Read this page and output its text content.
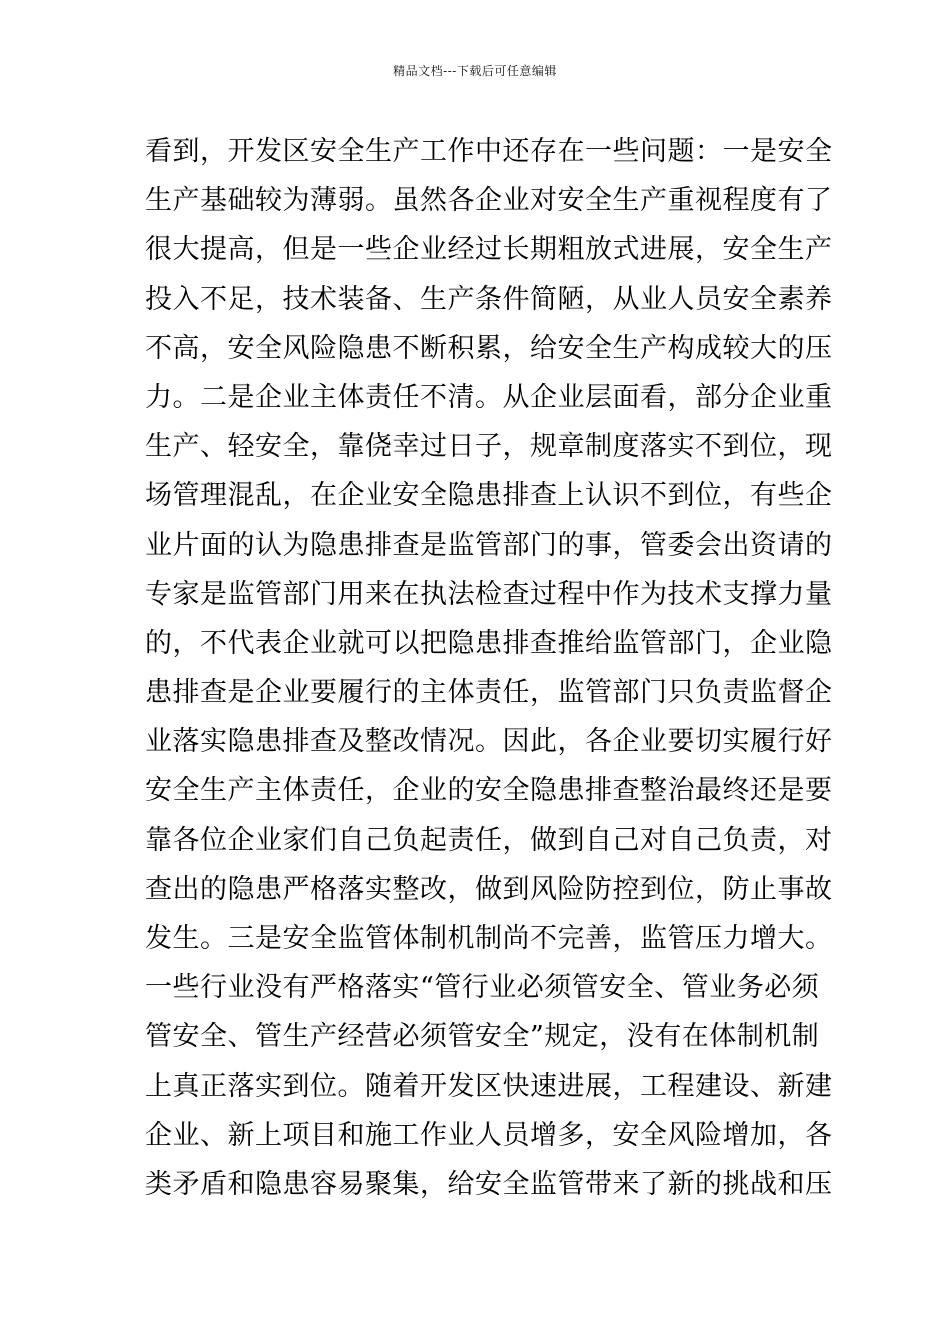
精品文档---下载后可任意编辑
看到，开发区安全生产工作中还存在一些问题：一是安全
生产基础较为薄弱。虽然各企业对安全生产重视程度有了
很大提高，但是一些企业经过长期粗放式进展，安全生产
投入不足，技术装备、生产条件简陋，从业人员安全素养
不高，安全风险隐患不断积累，给安全生产构成较大的压
力。二是企业主体责任不清。从企业层面看，部分企业重
生产、轻安全，靠侥幸过日子，规章制度落实不到位，现
场管理混乱，在企业安全隐患排查上认识不到位，有些企
业片面的认为隐患排查是监管部门的事，管委会出资请的
专家是监管部门用来在执法检查过程中作为技术支撑力量
的，不代表企业就可以把隐患排查推给监管部门，企业隐
患排查是企业要履行的主体责任，监管部门只负责监督企
业落实隐患排查及整改情况。因此，各企业要切实履行好
安全生产主体责任，企业的安全隐患排查整治最终还是要
靠各位企业家们自己负起责任，做到自己对自己负责，对
查出的隐患严格落实整改，做到风险防控到位，防止事故
发生。三是安全监管体制机制尚不完善，监管压力增大。
一些行业没有严格落实“管行业必须管安全、管业务必须
管安全、管生产经营必须管安全”规定，没有在体制机制
上真正落实到位。随着开发区快速进展，工程建设、新建
企业、新上项目和施工作业人员增多，安全风险增加，各
类矛盾和隐患容易聚集，给安全监管带来了新的挑战和压
